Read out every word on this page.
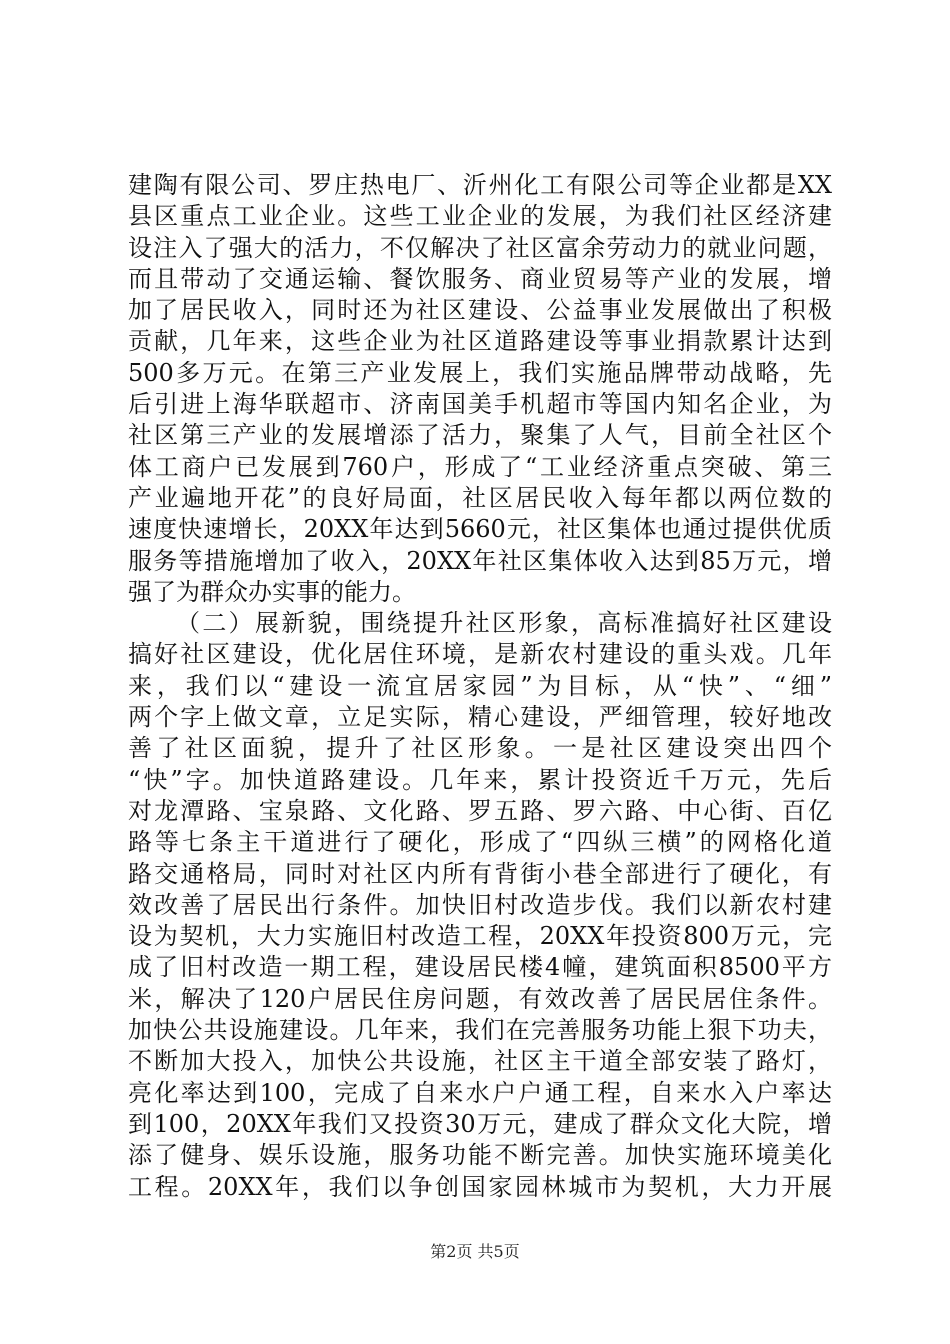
建陶有限公司、罗庄热电厂、沂州化工有限公司等企业都是XX
县区重点工业企业。这些工业企业的发展，为我们社区经济建
设注入了强大的活力，不仅解决了社区富余劳动力的就业问题，
而且带动了交通运输、餐饮服务、商业贸易等产业的发展，增
加了居民收入，同时还为社区建设、公益事业发展做出了积极
贡献，几年来，这些企业为社区道路建设等事业捐款累计达到
500多万元。在第三产业发展上，我们实施品牌带动战略，先
后引进上海华联超市、济南国美手机超市等国内知名企业，为
社区第三产业的发展增添了活力，聚集了人气，目前全社区个
体工商户已发展到760户，形成了“工业经济重点突破、第三
产业遍地开花”的良好局面，社区居民收入每年都以两位数的
速度快速增长，20XX年达到5660元，社区集体也通过提供优质
服务等措施增加了收入，20XX年社区集体收入达到85万元，增
强了为群众办实事的能力。
（二）展新貌，围绕提升社区形象，高标准搞好社区建设
搞好社区建设，优化居住环境，是新农村建设的重头戏。几年
来，我们以“建设一流宜居家园”为目标，从“快”、“细”
两个字上做文章，立足实际，精心建设，严细管理，较好地改
善了社区面貌，提升了社区形象。一是社区建设突出四个
“快”字。加快道路建设。几年来，累计投资近千万元，先后
对龙潭路、宝泉路、文化路、罗五路、罗六路、中心街、百亿
路等七条主干道进行了硬化，形成了“四纵三横”的网格化道
路交通格局，同时对社区内所有背街小巷全部进行了硬化，有
效改善了居民出行条件。加快旧村改造步伐。我们以新农村建
设为契机，大力实施旧村改造工程，20XX年投资800万元，完
成了旧村改造一期工程，建设居民楼4幢，建筑面积8500平方
米，解决了120户居民住房问题，有效改善了居民居住条件。
加快公共设施建设。几年来，我们在完善服务功能上狠下功夫，
不断加大投入，加快公共设施，社区主干道全部安装了路灯，
亮化率达到100，完成了自来水户户通工程，自来水入户率达
到100，20XX年我们又投资30万元，建成了群众文化大院，增
添了健身、娱乐设施，服务功能不断完善。加快实施环境美化
工程。20XX年，我们以争创国家园林城市为契机，大力开展
第2页 共5页
